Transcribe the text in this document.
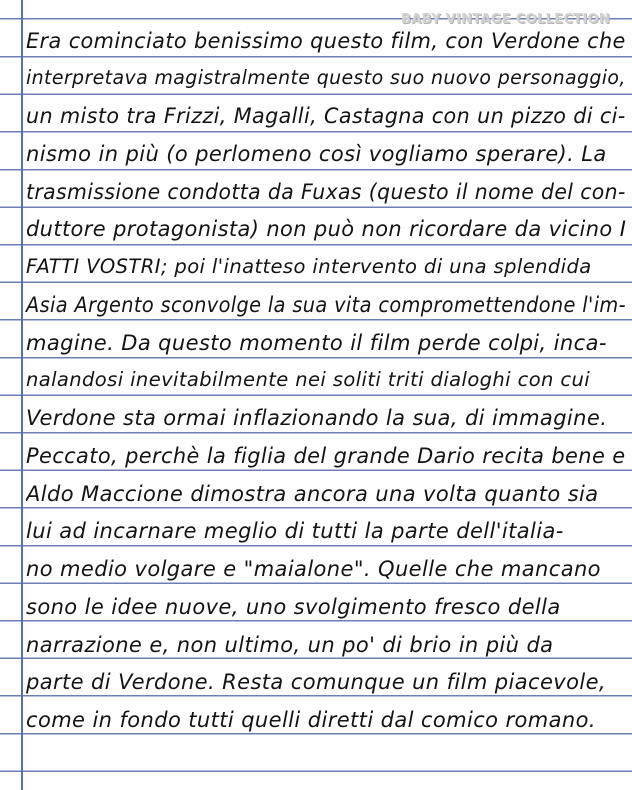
BABY VINTAGE COLLECTION
Era cominciato benissimo questo film, con Verdone che
interpretava magistralmente questo suo nuovo personaggio,
un misto tra Frizzi, Magalli, Castagna con un pizzo di ci-
nismo in più (o perlomeno così vogliamo sperare). La
trasmissione condotta da Fuxas (questo il nome del con-
duttore protagonista) non può non ricordare da vicino I
FATTI VOSTRI; poi l'inatteso intervento di una splendida
Asia Argento sconvolge la sua vita compromettendone l'im-
magine. Da questo momento il film perde colpi, inca-
nalandosi inevitabilmente nei soliti triti dialoghi con cui
Verdone sta ormai inflazionando la sua, di immagine.
Peccato, perchè la figlia del grande Dario recita bene e
Aldo Maccione dimostra ancora una volta quanto sia
lui ad incarnare meglio di tutti la parte dell'italia-
no medio volgare e "maialone". Quelle che mancano
sono le idee nuove, uno svolgimento fresco della
narrazione e, non ultimo, un po' di brio in più da
parte di Verdone. Resta comunque un film piacevole,
come in fondo tutti quelli diretti dal comico romano.
